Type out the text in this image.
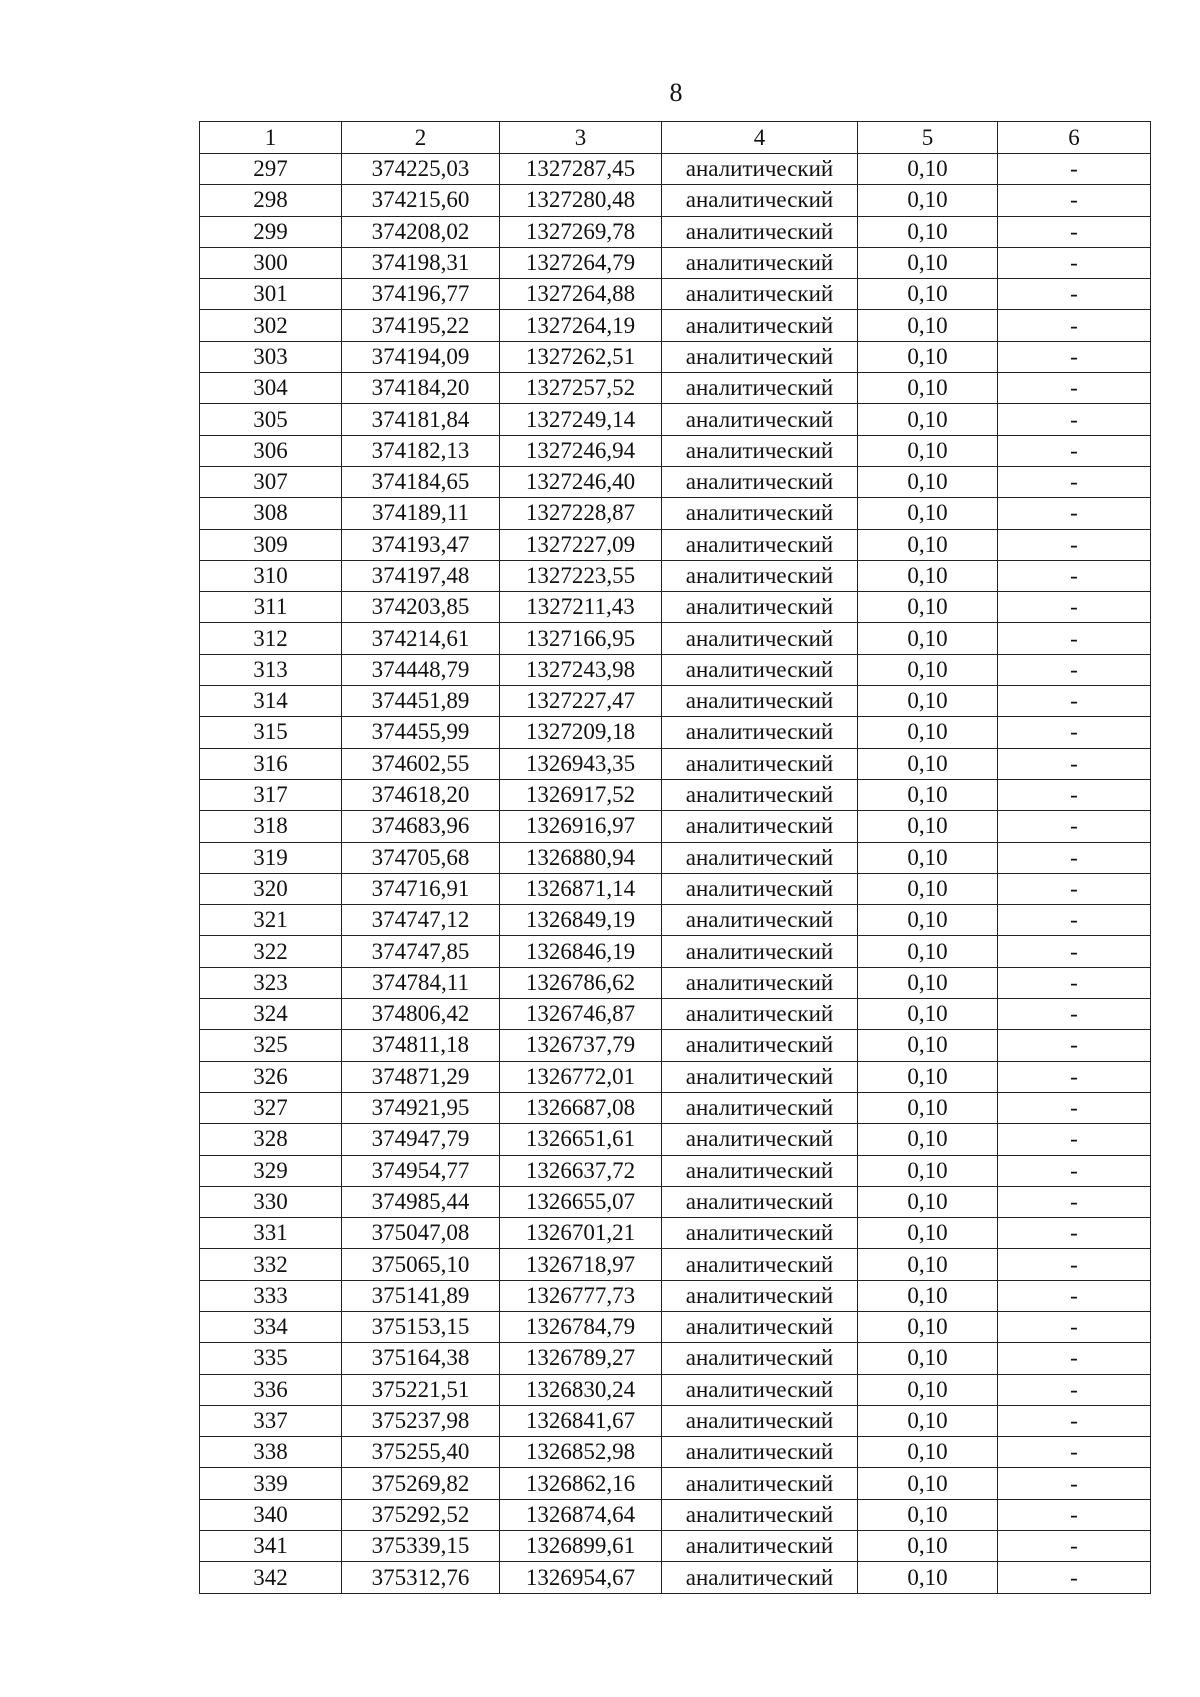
8
1	2	3	4	5	6
297	374225,03	1327287,45	аналитический	0,10	-
298	374215,60	1327280,48	аналитический	0,10	-
299	374208,02	1327269,78	аналитический	0,10	-
300	374198,31	1327264,79	аналитический	0,10	-
301	374196,77	1327264,88	аналитический	0,10	-
302	374195,22	1327264,19	аналитический	0,10	-
303	374194,09	1327262,51	аналитический	0,10	-
304	374184,20	1327257,52	аналитический	0,10	-
305	374181,84	1327249,14	аналитический	0,10	-
306	374182,13	1327246,94	аналитический	0,10	-
307	374184,65	1327246,40	аналитический	0,10	-
308	374189,11	1327228,87	аналитический	0,10	-
309	374193,47	1327227,09	аналитический	0,10	-
310	374197,48	1327223,55	аналитический	0,10	-
311	374203,85	1327211,43	аналитический	0,10	-
312	374214,61	1327166,95	аналитический	0,10	-
313	374448,79	1327243,98	аналитический	0,10	-
314	374451,89	1327227,47	аналитический	0,10	-
315	374455,99	1327209,18	аналитический	0,10	-
316	374602,55	1326943,35	аналитический	0,10	-
317	374618,20	1326917,52	аналитический	0,10	-
318	374683,96	1326916,97	аналитический	0,10	-
319	374705,68	1326880,94	аналитический	0,10	-
320	374716,91	1326871,14	аналитический	0,10	-
321	374747,12	1326849,19	аналитический	0,10	-
322	374747,85	1326846,19	аналитический	0,10	-
323	374784,11	1326786,62	аналитический	0,10	-
324	374806,42	1326746,87	аналитический	0,10	-
325	374811,18	1326737,79	аналитический	0,10	-
326	374871,29	1326772,01	аналитический	0,10	-
327	374921,95	1326687,08	аналитический	0,10	-
328	374947,79	1326651,61	аналитический	0,10	-
329	374954,77	1326637,72	аналитический	0,10	-
330	374985,44	1326655,07	аналитический	0,10	-
331	375047,08	1326701,21	аналитический	0,10	-
332	375065,10	1326718,97	аналитический	0,10	-
333	375141,89	1326777,73	аналитический	0,10	-
334	375153,15	1326784,79	аналитический	0,10	-
335	375164,38	1326789,27	аналитический	0,10	-
336	375221,51	1326830,24	аналитический	0,10	-
337	375237,98	1326841,67	аналитический	0,10	-
338	375255,40	1326852,98	аналитический	0,10	-
339	375269,82	1326862,16	аналитический	0,10	-
340	375292,52	1326874,64	аналитический	0,10	-
341	375339,15	1326899,61	аналитический	0,10	-
342	375312,76	1326954,67	аналитический	0,10	-
